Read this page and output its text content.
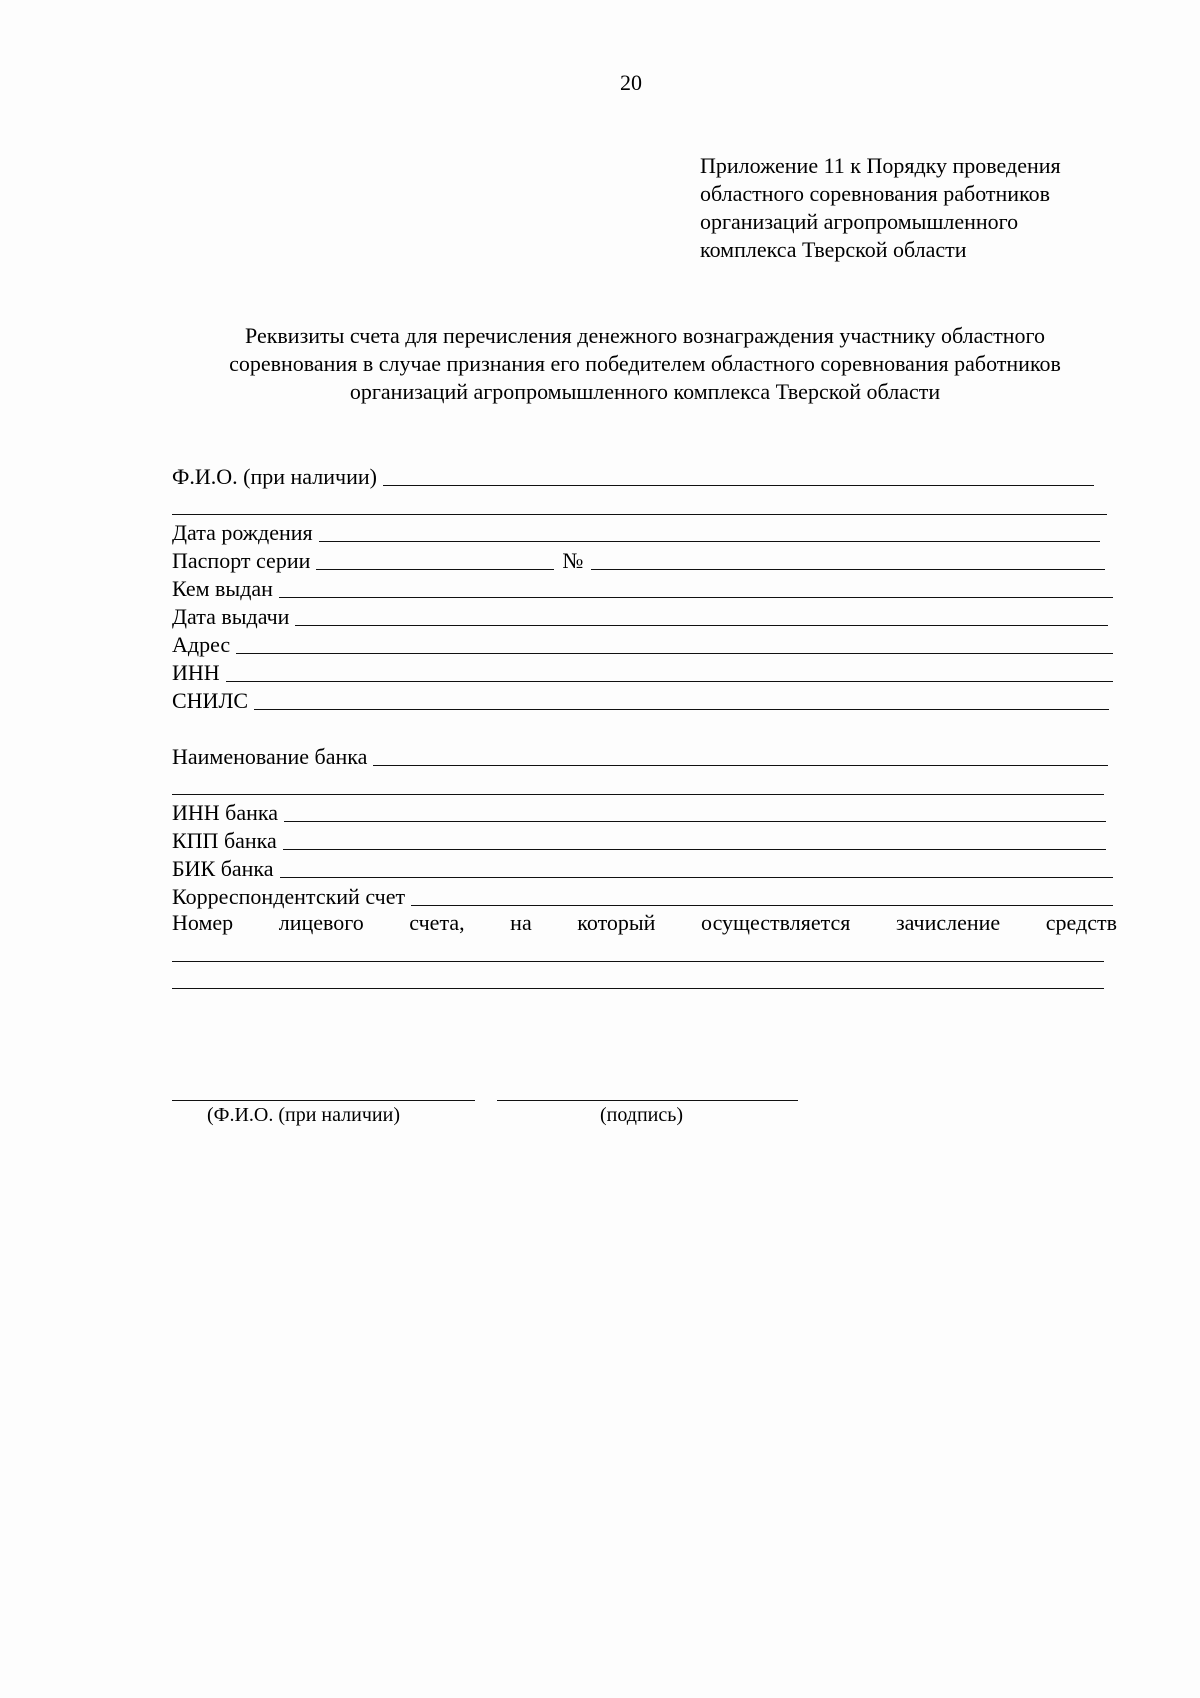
20
Приложение 11 к Порядку проведения
областного соревнования работников
организаций агропромышленного
комплекса Тверской области
Реквизиты счета для перечисления денежного вознаграждения участнику областного
соревнования в случае признания его победителем областного соревнования работников
организаций агропромышленного комплекса Тверской области
Ф.И.О. (при наличии)
Дата рождения
Паспорт серии	№
Кем выдан
Дата выдачи
Адрес
ИНН
СНИЛС
Наименование банка
ИНН банка
КПП банка
БИК банка
Корреспондентский счет
Номер лицевого счета, на который осуществляется зачисление средств
(Ф.И.О. (при наличии)	(подпись)
